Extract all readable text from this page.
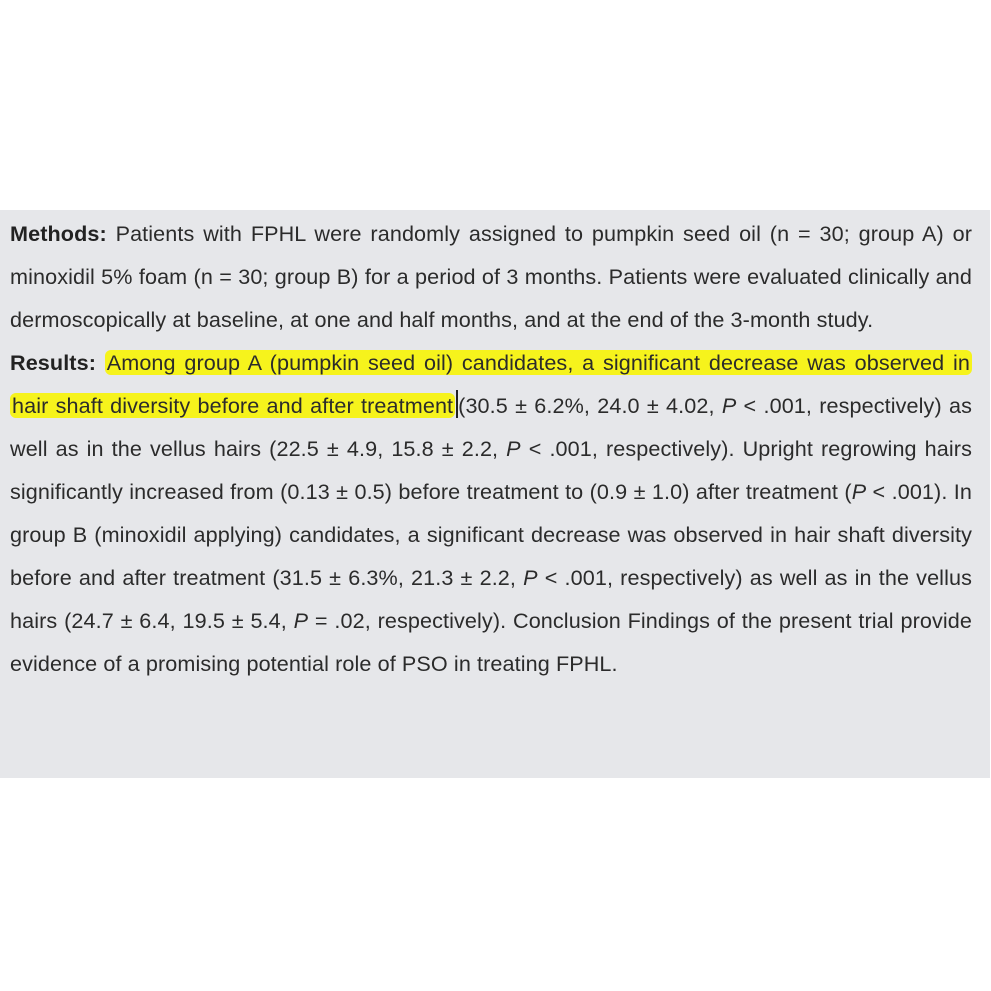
Methods: Patients with FPHL were randomly assigned to pumpkin seed oil (n = 30; group A) or minoxidil 5% foam (n = 30; group B) for a period of 3 months. Patients were evaluated clinically and dermoscopically at baseline, at one and half months, and at the end of the 3-month study.
Results: Among group A (pumpkin seed oil) candidates, a significant decrease was observed in hair shaft diversity before and after treatment (30.5 ± 6.2%, 24.0 ± 4.02, P < .001, respectively) as well as in the vellus hairs (22.5 ± 4.9, 15.8 ± 2.2, P < .001, respectively). Upright regrowing hairs significantly increased from (0.13 ± 0.5) before treatment to (0.9 ± 1.0) after treatment (P < .001). In group B (minoxidil applying) candidates, a significant decrease was observed in hair shaft diversity before and after treatment (31.5 ± 6.3%, 21.3 ± 2.2, P < .001, respectively) as well as in the vellus hairs (24.7 ± 6.4, 19.5 ± 5.4, P = .02, respectively). Conclusion Findings of the present trial provide evidence of a promising potential role of PSO in treating FPHL.
